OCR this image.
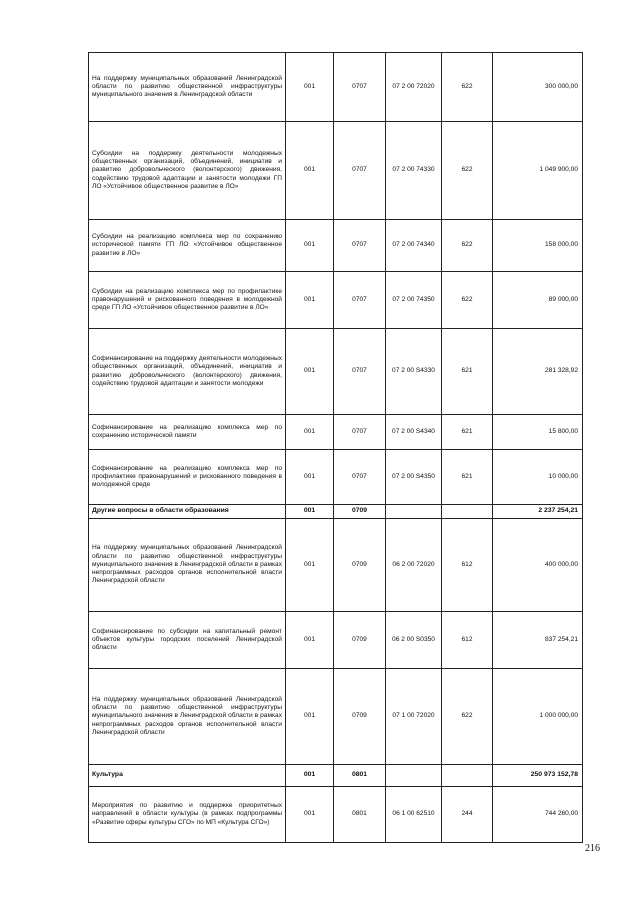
На поддержку муниципальных образований Ленинградской области по развитию общественной инфраструктуры муниципального значения в Ленинградской области	001	0707	07 2 00 72020	622	300 000,00
Субсидии на поддержку деятельности молодежных общественных организаций, объединений, инициатив и развитию добровольческого (волонтерского) движения, содействию трудовой адаптации и занятости молодежи ГП ЛО «Устойчивое общественное развитие в ЛО»	001	0707	07 2 00 74330	622	1 049 900,00
Субсидии на реализацию комплекса мер по сохранению исторической памяти ГП ЛО «Устойчивое общественное развитие в ЛО»	001	0707	07 2 00 74340	622	158 000,00
Субсидии на реализацию комплекса мер по профилактике правонарушений и рискованного поведения в молодежной среде ГП ЛО «Устойчивое общественное развитие в ЛО»	001	0707	07 2 00 74350	622	89 000,00
Софинансирование на поддержку деятельности молодежных общественных организаций, объединений, инициатив и развитию добровольческого (волонтерского) движения, содействию трудовой адаптации и занятости молодежи	001	0707	07 2 00 S4330	621	281 328,92
Софинансирование на реализацию комплекса мер по сохранению исторической памяти	001	0707	07 2 00 S4340	621	15 800,00
Софинансирование на реализацию комплекса мер по профилактике правонарушений и рискованного поведения в молодежной среде	001	0707	07 2 00 S4350	621	10 000,00
Другие вопросы в области образования	001	0709			2 237 254,21
На поддержку муниципальных образований Ленинградской области по развитию общественной инфраструктуры муниципального значения в Ленинградской области в рамках непрограммных расходов органов исполнительной власти Ленинградской области	001	0709	06 2 00 72020	612	400 000,00
Софинансирование по субсидии на капитальный ремонт объектов культуры городских поселений Ленинградской области	001	0709	06 2 00 S0350	612	837 254,21
На поддержку муниципальных образований Ленинградской области по развитию общественной инфраструктуры муниципального значения в Ленинградской области в рамках непрограммных расходов органов исполнительной власти Ленинградской области	001	0709	07 1 00 72020	622	1 000 000,00
Культура	001	0801			250 973 152,78
Мероприятия по развитию и поддержке приоритетных направлений в области культуры (в рамках подпрограммы «Развитие сферы культуры СГО» по МП «Культура СГО»)	001	0801	06 1 00 62510	244	744 260,00
216
